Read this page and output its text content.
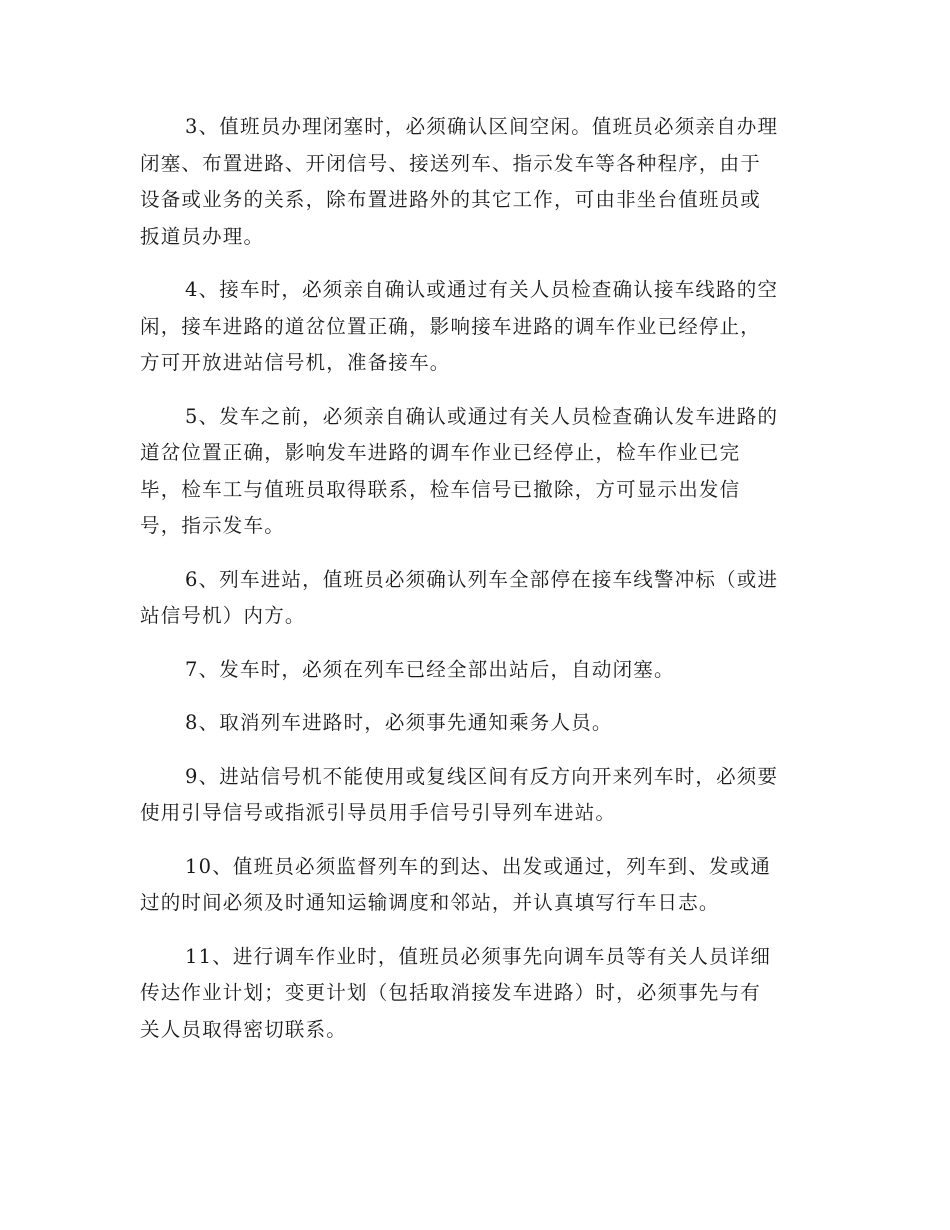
3、值班员办理闭塞时，必须确认区间空闲。值班员必须亲自办理
闭塞、布置进路、开闭信号、接送列车、指示发车等各种程序，由于
设备或业务的关系，除布置进路外的其它工作，可由非坐台值班员或
扳道员办理。

4、接车时，必须亲自确认或通过有关人员检查确认接车线路的空
闲，接车进路的道岔位置正确，影响接车进路的调车作业已经停止，
方可开放进站信号机，准备接车。

5、发车之前，必须亲自确认或通过有关人员检查确认发车进路的
道岔位置正确，影响发车进路的调车作业已经停止，检车作业已完
毕，检车工与值班员取得联系，检车信号已撤除，方可显示出发信
号，指示发车。

6、列车进站，值班员必须确认列车全部停在接车线警冲标（或进
站信号机）内方。

7、发车时，必须在列车已经全部出站后，自动闭塞。

8、取消列车进路时，必须事先通知乘务人员。

9、进站信号机不能使用或复线区间有反方向开来列车时，必须要
使用引导信号或指派引导员用手信号引导列车进站。

10、值班员必须监督列车的到达、出发或通过，列车到、发或通
过的时间必须及时通知运输调度和邻站，并认真填写行车日志。

11、进行调车作业时，值班员必须事先向调车员等有关人员详细
传达作业计划；变更计划（包括取消接发车进路）时，必须事先与有
关人员取得密切联系。
